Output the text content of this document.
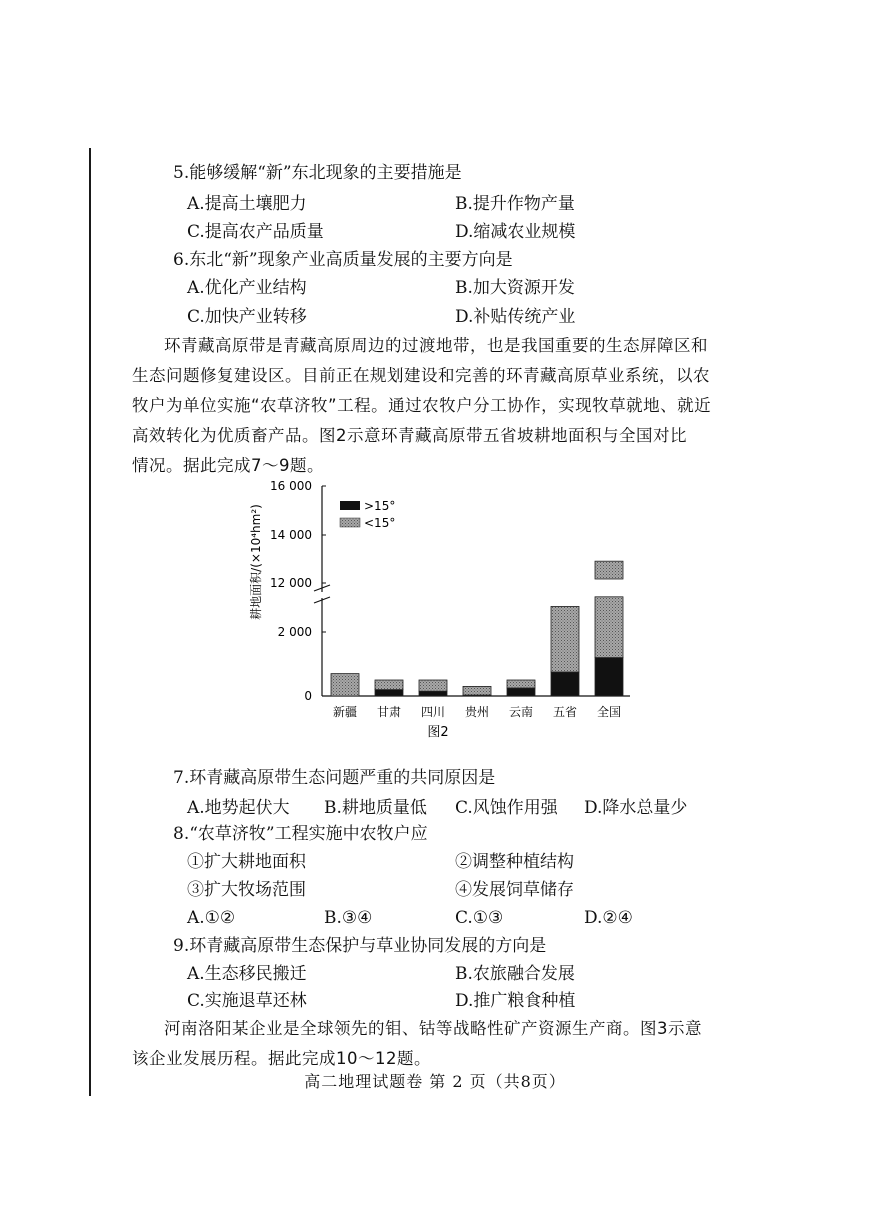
5.能够缓解“新”东北现象的主要措施是
A.提高土壤肥力	B.提升作物产量
C.提高农产品质量	D.缩减农业规模
6.东北“新”现象产业高质量发展的主要方向是
A.优化产业结构	B.加大资源开发
C.加快产业转移	D.补贴传统产业
环青藏高原带是青藏高原周边的过渡地带，也是我国重要的生态屏障区和
生态问题修复建设区。目前正在规划建设和完善的环青藏高原草业系统，以农
牧户为单位实施“农草济牧”工程。通过农牧户分工协作，实现牧草就地、就近
高效转化为优质畜产品。图2示意环青藏高原带五省坡耕地面积与全国对比
情况。据此完成7～9题。
耕地面积/(×10⁴hm²)
16 000
14 000
12 000
2 000
0
>15°
<15°
新疆 甘肃 四川 贵州 云南 五省 全国
图2
7.环青藏高原带生态问题严重的共同原因是
A.地势起伏大 B.耕地质量低 C.风蚀作用强 D.降水总量少
8.“农草济牧”工程实施中农牧户应
①扩大耕地面积	②调整种植结构
③扩大牧场范围	④发展饲草储存
A.①②	B.③④	C.①③	D.②④
9.环青藏高原带生态保护与草业协同发展的方向是
A.生态移民搬迁	B.农旅融合发展
C.实施退草还林	D.推广粮食种植
河南洛阳某企业是全球领先的钼、钴等战略性矿产资源生产商。图3示意
该企业发展历程。据此完成10～12题。
高二地理试题卷 第 2 页（共8页）
